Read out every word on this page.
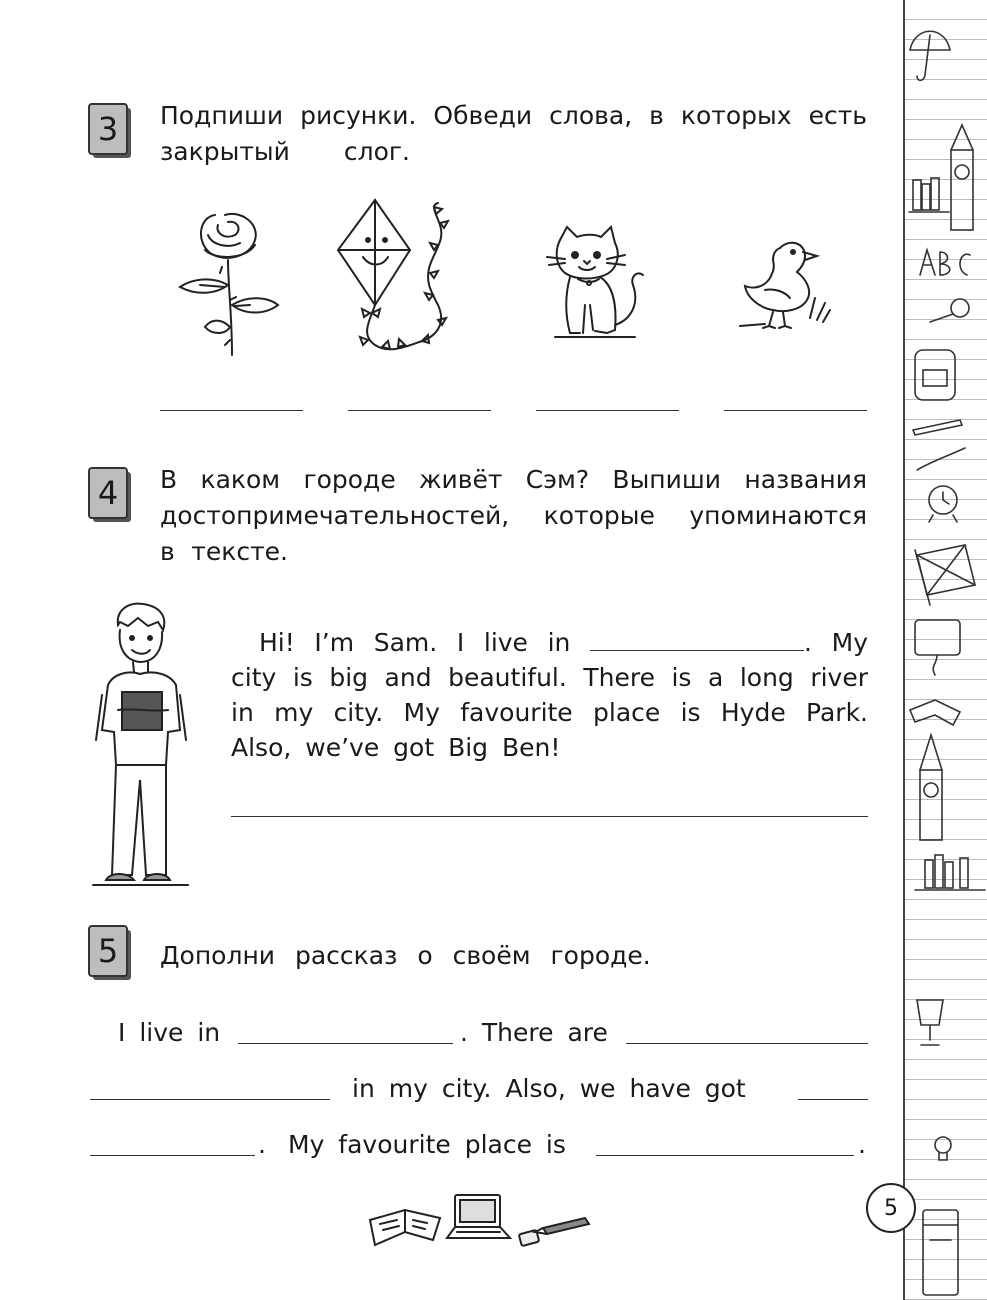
3	Подпиши рисунки. Обведи слова, в которых есть
закрытый слог.
4	В каком городе живёт Сэм? Выпиши названия
достопримечательностей, которые упоминаются
в тексте.
Hi! I’m Sam. I live in	. My city is big and beautiful. There is a long river in my city. My favourite place is Hyde Park. Also, we’ve got Big Ben!
5	Дополни рассказ о своём городе.
I live in	. There are
in my city. Also, we have got
. My favourite place is	.
5
